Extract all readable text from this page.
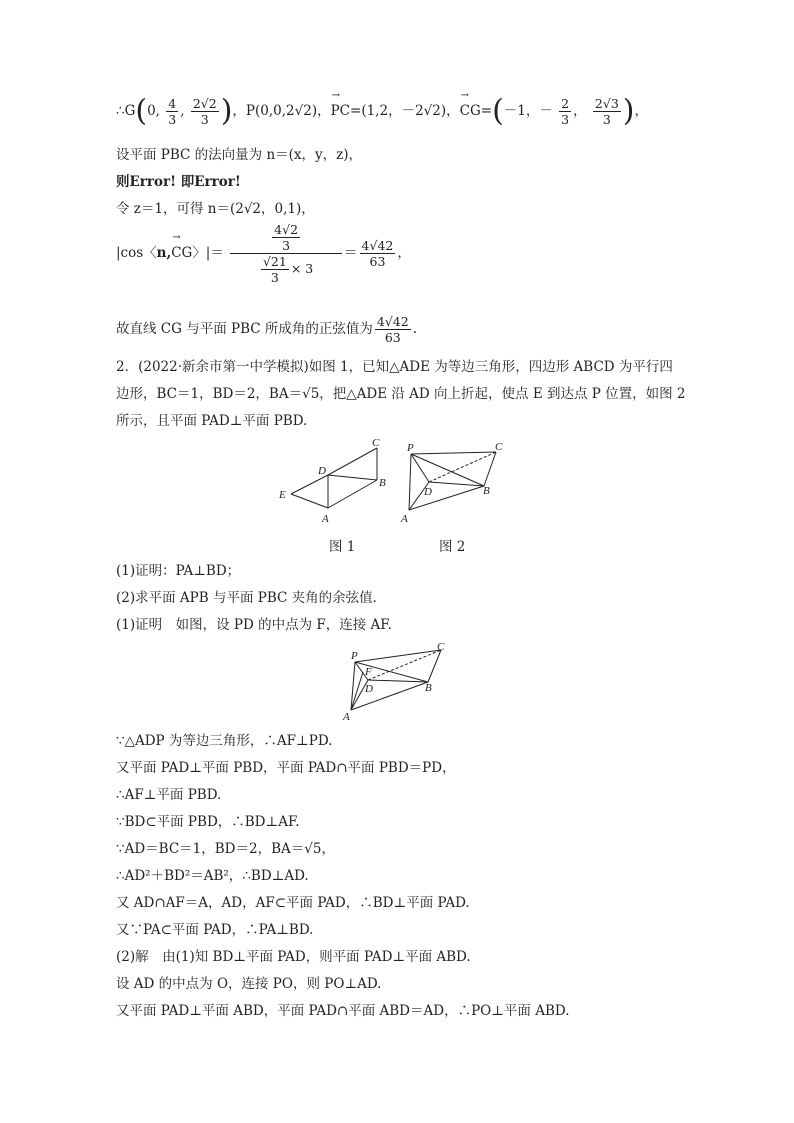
∴G(0, $\frac{4}{3}$ , $\frac{2√2}{3}$ )，P(0,0,2√2)，→ PC=(1,2，－2√2)，→ CG=(－1，－ $\frac{2}{3}$ ， $\frac{2√3}{3}$ )，
设平面 PBC 的法向量为 n＝(x，y，z)，
则Error! 即Error!
令 z＝1，可得 n＝(2√2，0,1)，
|cos〈n,→ CG〉|＝ $\frac{\frac{4√2}{3}}{\frac{√21}{3} \times 3} = \frac{4√42}{63}$ ，
故直线 CG 与平面 PBC 所成角的正弦值为 $\frac{4√42}{63}$ .
2．(2022·新余市第一中学模拟)如图 1，已知△ADE 为等边三角形，四边形 ABCD 为平行四
边形，BC＝1，BD＝2，BA＝√5，把△ADE 沿 AD 向上折起，使点 E 到达点 P 位置，如图 2
所示，且平面 PAD⊥平面 PBD.
C
D
B
E
A
P	C
D	B
A
图 1	图 2
(1)证明：PA⊥BD；
(2)求平面 APB 与平面 PBC 夹角的余弦值．
(1)证明　如图，设 PD 的中点为 F，连接 AF.
P
C
F
D	B
A
∵△ADP 为等边三角形，∴AF⊥PD.
又平面 PAD⊥平面 PBD，平面 PAD∩平面 PBD＝PD，
∴AF⊥平面 PBD.
∵BD⊂平面 PBD，∴BD⊥AF.
∵AD＝BC＝1，BD＝2，BA＝√5，
∴AD²＋BD²＝AB²，∴BD⊥AD.
又 AD∩AF＝A，AD，AF⊂平面 PAD，∴BD⊥平面 PAD.
又∵PA⊂平面 PAD，∴PA⊥BD.
(2)解　由(1)知 BD⊥平面 PAD，则平面 PAD⊥平面 ABD.
设 AD 的中点为 O，连接 PO，则 PO⊥AD.
又平面 PAD⊥平面 ABD，平面 PAD∩平面 ABD＝AD，∴PO⊥平面 ABD.
